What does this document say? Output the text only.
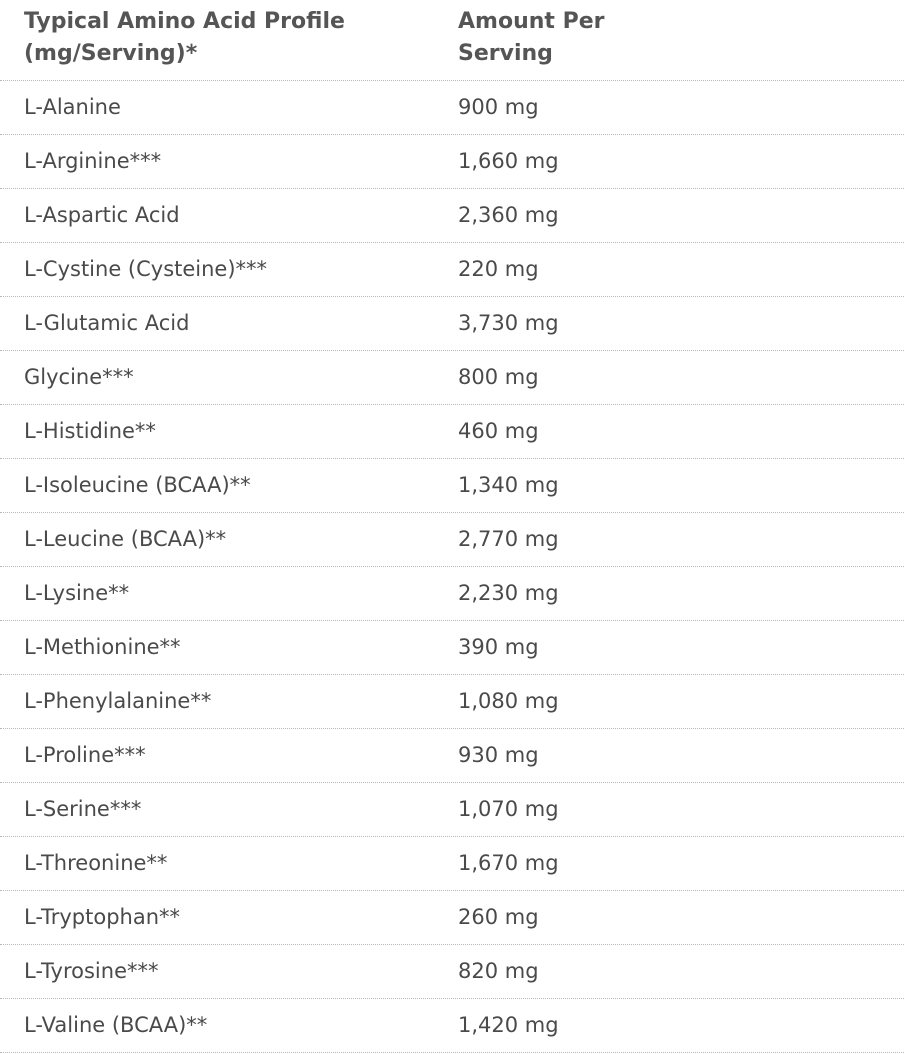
Typical Amino Acid Profile (mg/Serving)*
Amount Per Serving
L-Alanine	900 mg
L-Arginine***	1,660 mg
L-Aspartic Acid	2,360 mg
L-Cystine (Cysteine)***	220 mg
L-Glutamic Acid	3,730 mg
Glycine***	800 mg
L-Histidine**	460 mg
L-Isoleucine (BCAA)**	1,340 mg
L-Leucine (BCAA)**	2,770 mg
L-Lysine**	2,230 mg
L-Methionine**	390 mg
L-Phenylalanine**	1,080 mg
L-Proline***	930 mg
L-Serine***	1,070 mg
L-Threonine**	1,670 mg
L-Tryptophan**	260 mg
L-Tyrosine***	820 mg
L-Valine (BCAA)**	1,420 mg
